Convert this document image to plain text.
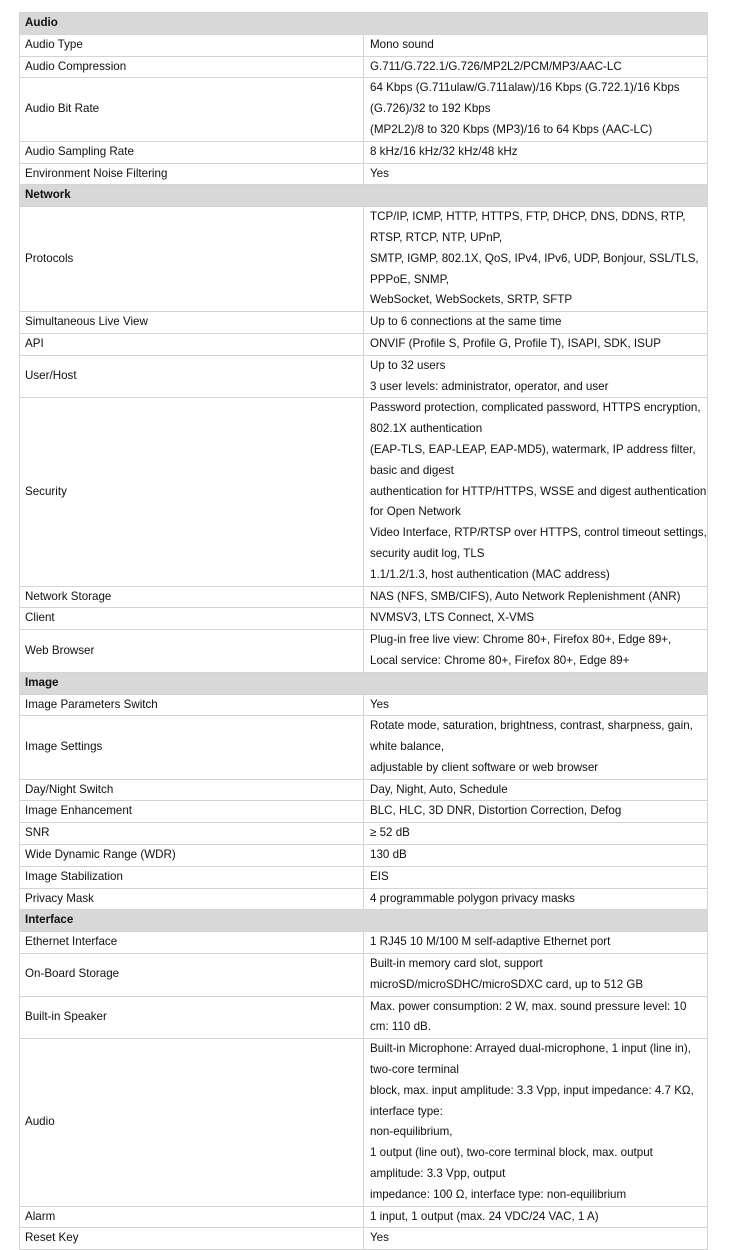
Audio	
Audio Type	Mono sound

Audio Compression	G.711/G.722.1/G.726/MP2L2/PCM/MP3/AAC-LC

Audio Bit Rate	64 Kbps (G.711ulaw/G.711alaw)/16 Kbps (G.722.1)/16 Kbps (G.726)/32 to 192 Kbps
(MP2L2)/8 to 320 Kbps (MP3)/16 to 64 Kbps (AAC-LC)

Audio Sampling Rate	8 kHz/16 kHz/32 kHz/48 kHz

Environment Noise Filtering	Yes

Network	
Protocols	TCP/IP, ICMP, HTTP, HTTPS, FTP, DHCP, DNS, DDNS, RTP, RTSP, RTCP, NTP, UPnP,
SMTP, IGMP, 802.1X, QoS, IPv4, IPv6, UDP, Bonjour, SSL/TLS, PPPoE, SNMP,
WebSocket, WebSockets, SRTP, SFTP

Simultaneous Live View	Up to 6 connections at the same time

API	ONVIF (Profile S, Profile G, Profile T), ISAPI, SDK, ISUP

User/Host	Up to 32 users
3 user levels: administrator, operator, and user

Security	Password protection, complicated password, HTTPS encryption, 802.1X authentication
(EAP-TLS, EAP-LEAP, EAP-MD5), watermark, IP address filter, basic and digest
authentication for HTTP/HTTPS, WSSE and digest authentication for Open Network
Video Interface, RTP/RTSP over HTTPS, control timeout settings, security audit log, TLS
1.1/1.2/1.3, host authentication (MAC address)

Network Storage	NAS (NFS, SMB/CIFS), Auto Network Replenishment (ANR)

Client	NVMSV3, LTS Connect, X-VMS

Web Browser	Plug-in free live view: Chrome 80+, Firefox 80+, Edge 89+,
Local service: Chrome 80+, Firefox 80+, Edge 89+

Image	
Image Parameters Switch	Yes

Image Settings	Rotate mode, saturation, brightness, contrast, sharpness, gain, white balance,
adjustable by client software or web browser

Day/Night Switch	Day, Night, Auto, Schedule

Image Enhancement	BLC, HLC, 3D DNR, Distortion Correction, Defog

SNR	≥ 52 dB

Wide Dynamic Range (WDR)	130 dB

Image Stabilization	EIS

Privacy Mask	4 programmable polygon privacy masks

Interface	
Ethernet Interface	1 RJ45 10 M/100 M self-adaptive Ethernet port

On-Board Storage	Built-in memory card slot, support microSD/microSDHC/microSDXC card, up to 512 GB

Built-in Speaker	Max. power consumption: 2 W, max. sound pressure level: 10 cm: 110 dB.

Audio	Built-in Microphone: Arrayed dual-microphone, 1 input (line in), two-core terminal
block, max. input amplitude: 3.3 Vpp, input impedance: 4.7 KΩ, interface type:
non-equilibrium,
1 output (line out), two-core terminal block, max. output amplitude: 3.3 Vpp, output
impedance: 100 Ω, interface type: non-equilibrium

Alarm	1 input, 1 output (max. 24 VDC/24 VAC, 1 A)

Reset Key	Yes
